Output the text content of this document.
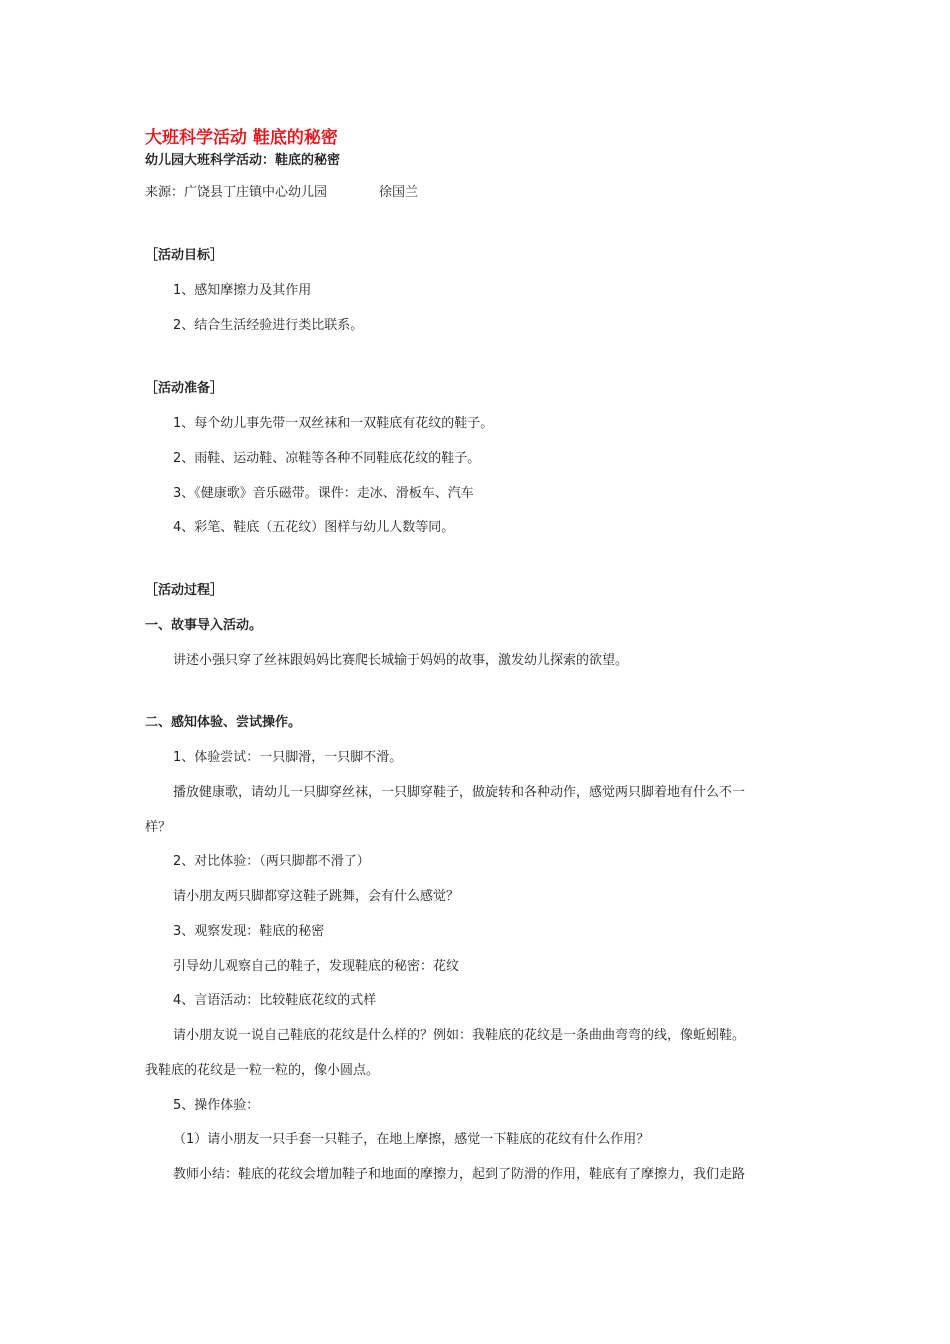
大班科学活动 鞋底的秘密
幼儿园大班科学活动：鞋底的秘密
来源：广饶县丁庄镇中心幼儿园	徐国兰
［活动目标］
1、感知摩擦力及其作用
2、结合生活经验进行类比联系。
［活动准备］
1、每个幼儿事先带一双丝袜和一双鞋底有花纹的鞋子。
2、雨鞋、运动鞋、凉鞋等各种不同鞋底花纹的鞋子。
3、《健康歌》音乐磁带。课件：走冰、滑板车、汽车
4、彩笔、鞋底（五花纹）图样与幼儿人数等同。
［活动过程］
一、故事导入活动。
讲述小强只穿了丝袜跟妈妈比赛爬长城输于妈妈的故事，激发幼儿探索的欲望。
二、感知体验、尝试操作。
1、体验尝试：一只脚滑，一只脚不滑。
播放健康歌，请幼儿一只脚穿丝袜，一只脚穿鞋子，做旋转和各种动作，感觉两只脚着地有什么不一
样？
2、对比体验：（两只脚都不滑了）
请小朋友两只脚都穿这鞋子跳舞，会有什么感觉？
3、观察发现：鞋底的秘密
引导幼儿观察自己的鞋子，发现鞋底的秘密：花纹
4、言语活动：比较鞋底花纹的式样
请小朋友说一说自己鞋底的花纹是什么样的？例如：我鞋底的花纹是一条曲曲弯弯的线，像蚯蚓鞋。
我鞋底的花纹是一粒一粒的，像小圆点。
5、操作体验：
（1）请小朋友一只手套一只鞋子，在地上摩擦，感觉一下鞋底的花纹有什么作用？
教师小结：鞋底的花纹会增加鞋子和地面的摩擦力，起到了防滑的作用，鞋底有了摩擦力，我们走路
